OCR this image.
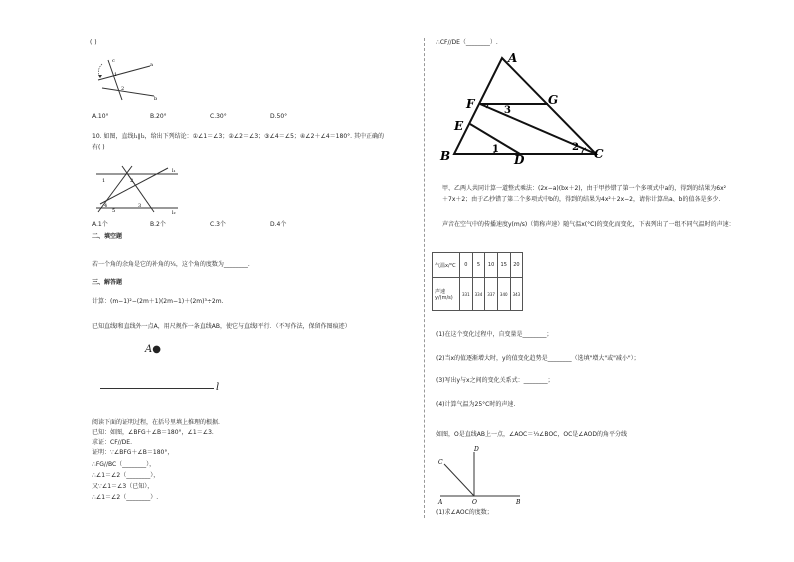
( )
c
a
b
1
2
A.10°	B.20°	C.30°	D.50°
10. 如图，直线l₁∥l₂，给出下列结论：①∠1＝∠3；②∠2＝∠3；③∠4＝∠5；④∠2＋∠4＝180°. 其中正确的
有( )
1	2
3
4
5
l₁
l₂
A.1个	B.2个	C.3个	D.4个
二、填空题
若一个角的余角是它的补角的¼，这个角的度数为________.
三、解答题
计算：(m−1)²−(2m＋1)(2m−1)＋(2m)³÷2m.
已知直线l和直线外一点A，用尺规作一条直线AB，使它与直线l平行．（不写作法，保留作图痕迹）
A●
l
阅读下面的证明过程，在括号里填上推理的根据.
已知：如图，∠BFG＋∠B＝180°，∠1＝∠3.
求证：CF//DE.
证明：∵∠BFG＋∠B＝180°，
∴FG//BC（________），
∴∠1＝∠2（________），
又∵∠1＝∠3（已知），
∴∠1＝∠2（________）.
∴CF//DE（________）.
A
B	C
D
E
F	G
1	2
3
甲、乙两人共同计算一道整式乘法：(2x−a)(bx＋2)，由于甲抄错了第一个多项式中a的，得到的结果为6x²
＋7x＋2；由于乙抄错了第二个多项式中b的，得到的结果为4x²＋2x−2，请你计算出a、b的值各是多少.
声音在空气中的传播速度y(m/s)（简称声速）随气温x(°C)的变化而变化，下表列出了一组不同气温时的声速：
气温x/°C	0	5	10	15	20
声速y/(m/s)	331	334	337	340	343
(1)在这个变化过程中，自变量是________；
(2)当x的值逐渐增大时，y的值变化趋势是________（选填"增大"或"减小"）；
(3)写出y与x之间的变化关系式：________；
(4)计算气温为25°C时的声速.
如图，O是直线AB上一点，∠AOC＝⅓∠BOC，OC是∠AOD的角平分线
A	B
C
D
O
(1)求∠AOC的度数；
